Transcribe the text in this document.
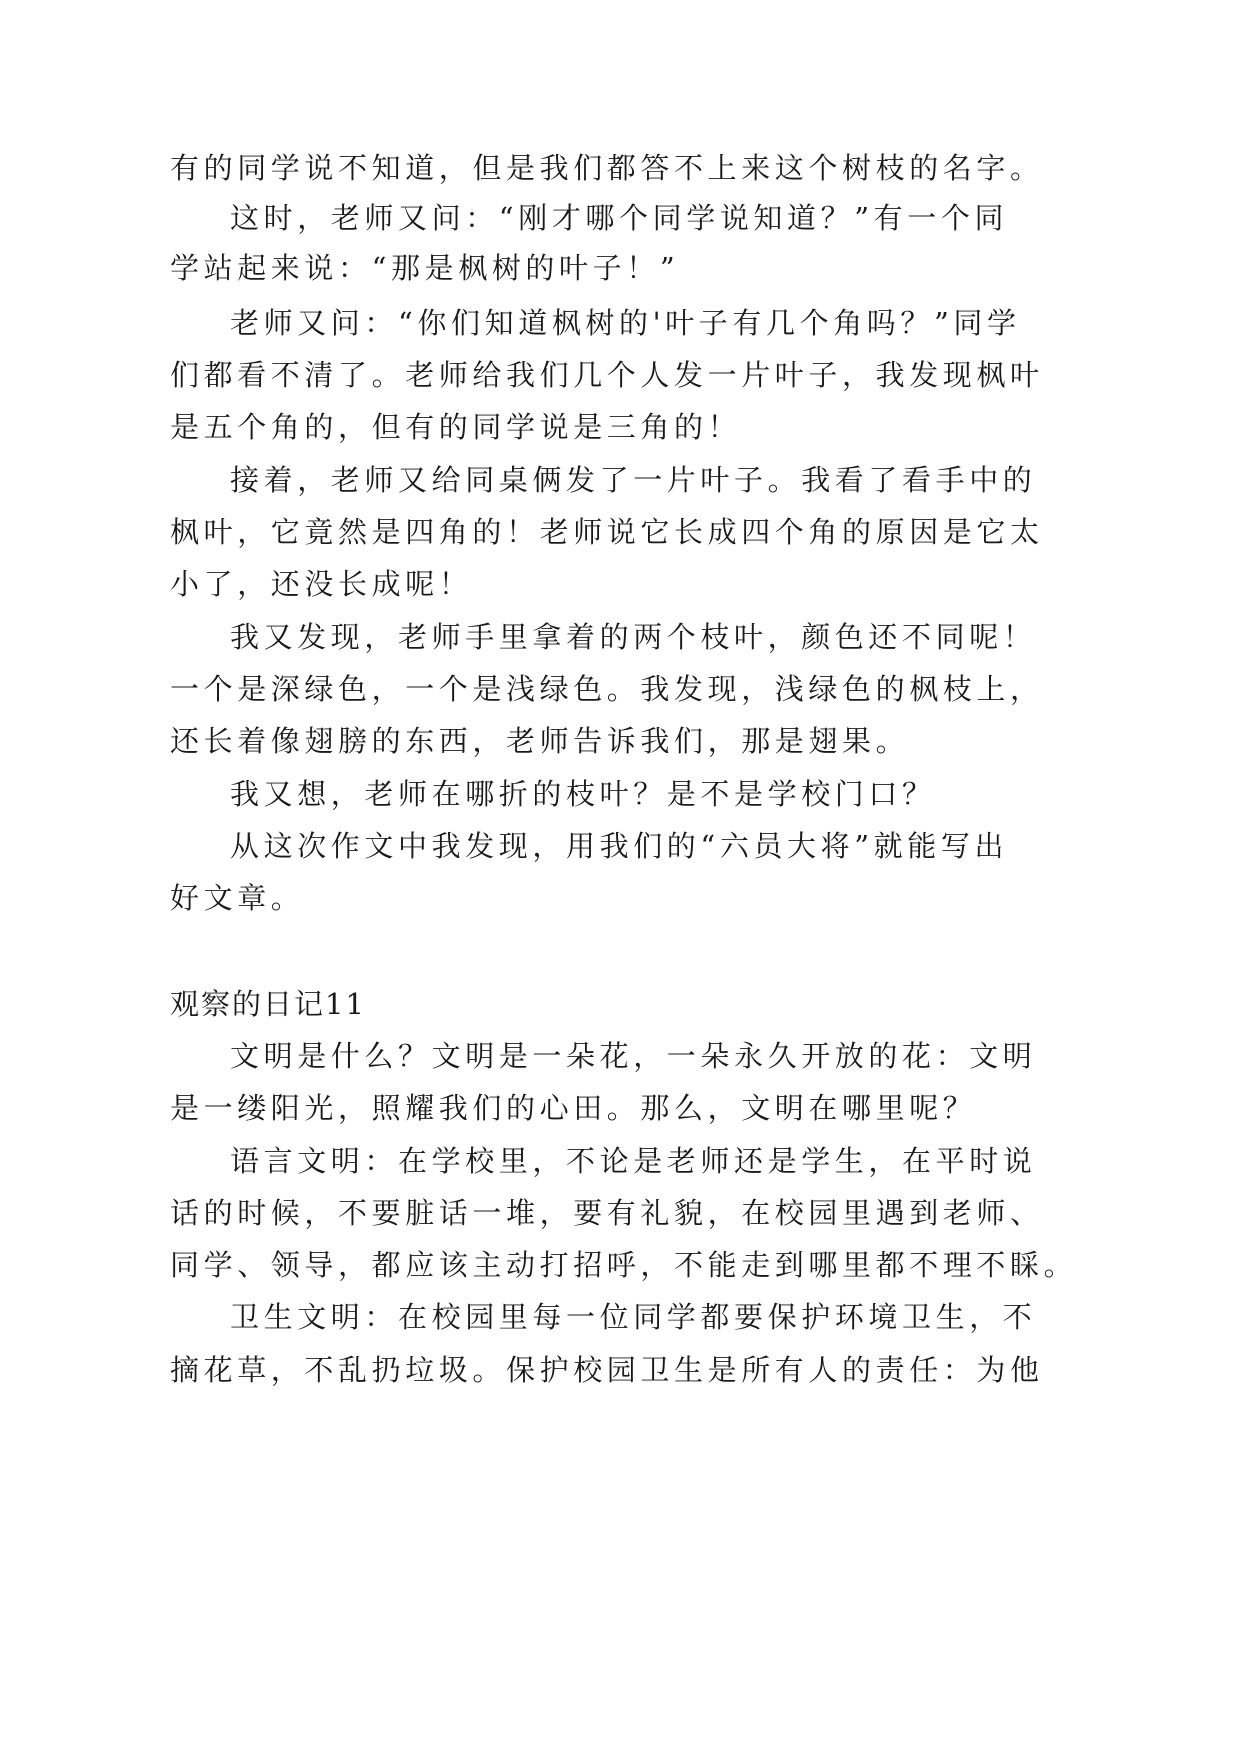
有的同学说不知道，但是我们都答不上来这个树枝的名字。
这时，老师又问：“刚才哪个同学说知道？”有一个同
学站起来说：“那是枫树的叶子！”
老师又问：“你们知道枫树的'叶子有几个角吗？”同学
们都看不清了。老师给我们几个人发一片叶子，我发现枫叶
是五个角的，但有的同学说是三角的！
接着，老师又给同桌俩发了一片叶子。我看了看手中的
枫叶，它竟然是四角的！老师说它长成四个角的原因是它太
小了，还没长成呢！
我又发现，老师手里拿着的两个枝叶，颜色还不同呢！
一个是深绿色，一个是浅绿色。我发现，浅绿色的枫枝上，
还长着像翅膀的东西，老师告诉我们，那是翅果。
我又想，老师在哪折的枝叶？是不是学校门口？
从这次作文中我发现，用我们的“六员大将”就能写出
好文章。
观察的日记11
文明是什么？文明是一朵花，一朵永久开放的花：文明
是一缕阳光，照耀我们的心田。那么，文明在哪里呢？
语言文明：在学校里，不论是老师还是学生，在平时说
话的时候，不要脏话一堆，要有礼貌，在校园里遇到老师、
同学、领导，都应该主动打招呼，不能走到哪里都不理不睬。
卫生文明：在校园里每一位同学都要保护环境卫生，不
摘花草，不乱扔垃圾。保护校园卫生是所有人的责任：为他
